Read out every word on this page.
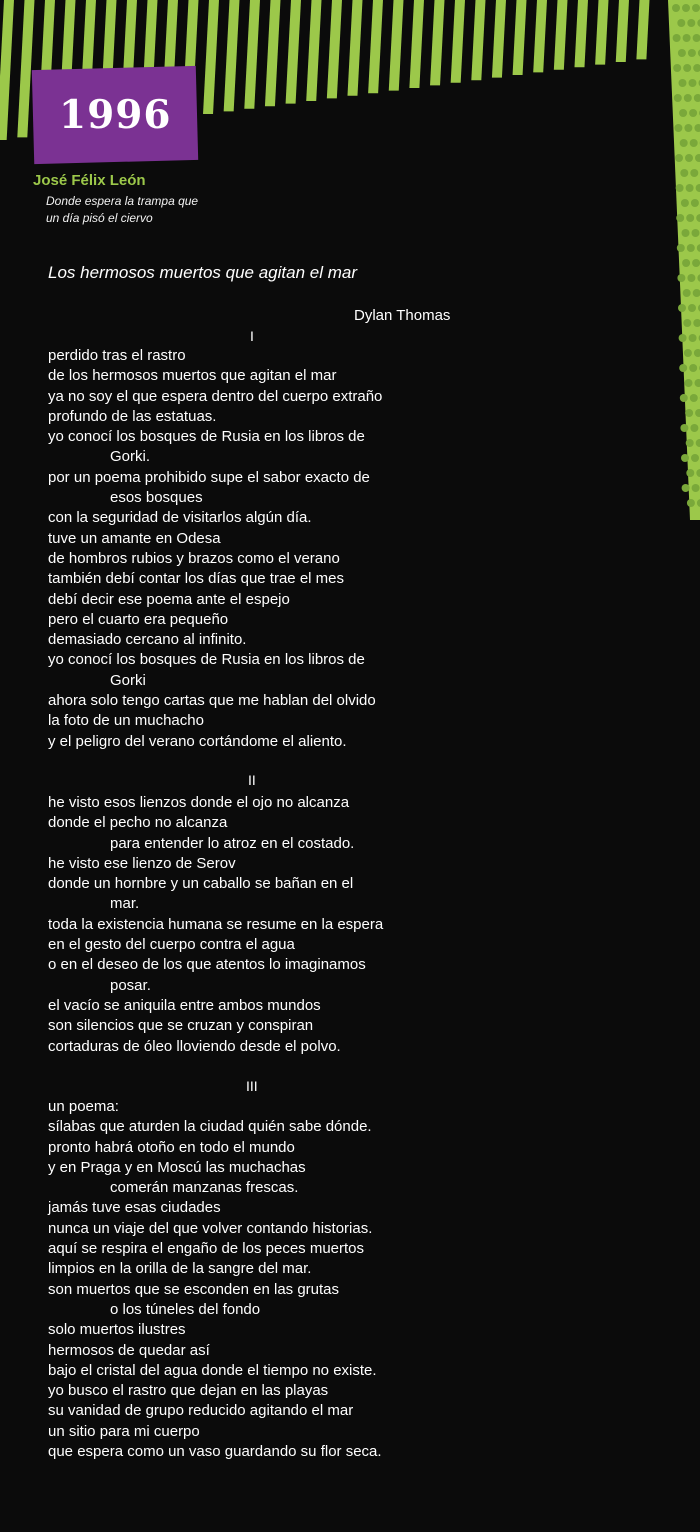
1996
José Félix León
Donde espera la trampa que
un día pisó el ciervo
Los hermosos muertos que agitan el mar
Dylan Thomas
I
perdido tras el rastro
de los hermosos muertos que agitan el mar
ya no soy el que espera dentro del cuerpo extraño
profundo de las estatuas.
yo conocí los bosques de Rusia en los libros de
Gorki.
por un poema prohibido supe el sabor exacto de
esos bosques
con la seguridad de visitarlos algún día.
tuve un amante en Odesa
de hombros rubios y brazos como el verano
también debí contar los días que trae el mes
debí decir ese poema ante el espejo
pero el cuarto era pequeño
demasiado cercano al infinito.
yo conocí los bosques de Rusia en los libros de
Gorki
ahora solo tengo cartas que me hablan del olvido
la foto de un muchacho
y el peligro del verano cortándome el aliento.
II
he visto esos lienzos donde el ojo no alcanza
donde el pecho no alcanza
para entender lo atroz en el costado.
he visto ese lienzo de Serov
donde un hornbre y un caballo se bañan en el
mar.
toda la existencia humana se resume en la espera
en el gesto del cuerpo contra el agua
o en el deseo de los que atentos lo imaginamos
posar.
el vacío se aniquila entre ambos mundos
son silencios que se cruzan y conspiran
cortaduras de óleo lloviendo desde el polvo.
III
un poema:
sílabas que aturden la ciudad quién sabe dónde.
pronto habrá otoño en todo el mundo
y en Praga y en Moscú las muchachas
comerán manzanas frescas.
jamás tuve esas ciudades
nunca un viaje del que volver contando historias.
aquí se respira el engaño de los peces muertos
limpios en la orilla de la sangre del mar.
son muertos que se esconden en las grutas
o los túneles del fondo
solo muertos ilustres
hermosos de quedar así
bajo el cristal del agua donde el tiempo no existe.
yo busco el rastro que dejan en las playas
su vanidad de grupo reducido agitando el mar
un sitio para mi cuerpo
que espera como un vaso guardando su flor seca.
